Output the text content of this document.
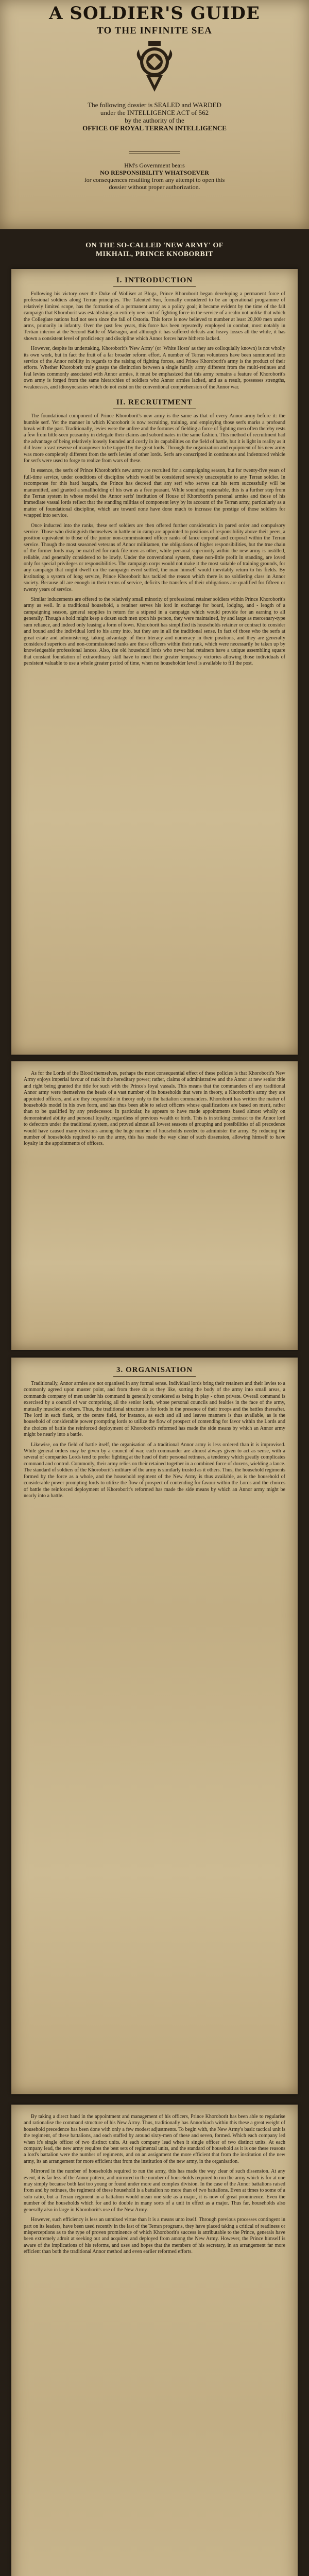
A SOLDIER'S GUIDE
TO THE INFINITE SEA
The following dossier is SEALED and WARDED
under the INTELLIGENCE ACT of 562
by the authority of the
OFFICE OF ROYAL TERRAN INTELLIGENCE
HM's Government bears
NO RESPONSIBILITY WHATSOEVER
for consequences resulting from any attempt to open this
dossier without proper authorization.
ON THE SO-CALLED 'NEW ARMY' OF
MIKHAIL, PRINCE KNOBORBIT
I. INTRODUCTION

Following his victory over the Duke of Wolliser at Bloga, Prince Khoroborit began developing a permanent force of professional soldiers along Terran principles. The Talented Sun, formally considered to be an operational programme of relatively limited scope, has the formation of a permanent army as a policy goal; it became evident by the time of the fall campaign that Khoroborit was establishing an entirely new sort of fighting force in the service of a realm not unlike that which the Collegiate nations had not seen since the fall of Ostoria. This force is now believed to number at least 20,000 men under arms, primarily in infantry. Over the past few years, this force has been repeatedly employed in combat, most notably in Tertian interior at the Second Battle of Matsugoi, and although it has suffered defeats and heavy losses all the while, it has shown a consistent level of proficiency and discipline which Annor forces have hitherto lacked.

However, despite its undertaking, Khoroborit's 'New Army' (or 'White Hosts' as they are colloquially known) is not wholly its own work, but in fact the fruit of a far broader reform effort. A number of Terran volunteers have been summoned into service of the Annor nobility in regards to the raising of fighting forces, and Prince Khoroborit's army is the product of their efforts. Whether Khoroborit truly grasps the distinction between a single family army different from the multi-retinues and feal levies commonly associated with Annor armies, it must be emphasized that this army remains a feature of Khoroborit's own army is forged from the same hierarchies of soldiers who Annor armies lacked, and as a result, possesses strengths, weaknesses, and idiosyncrasies which do not exist on the conventional comprehension of the Annor war.

II. RECRUITMENT

The foundational component of Prince Khoroborit's new army is the same as that of every Annor army before it: the humble serf. Yet the manner in which Khoroborit is now recruiting, training, and employing those serfs marks a profound break with the past. Traditionally, levies were the unfree and the fortunes of fielding a force of fighting men often thereby rests a few from little-seen peasantry in delegate their claims and subordinates in the same fashion. This method of recruitment had the advantage of being relatively loosely founded and costly in its capabilities on the field of battle, but it is light in reality as it did leave a vast reserve of manpower to be tapped by the great lords. Through the organization and equipment of his new army was more completely different from the serfs levies of other lords. Serfs are conscripted in continuous and indentured vehicle for serfs were used to forge to realize from wars of these.

In essence, the serfs of Prince Khoroborit's new army are recruited for a campaigning season, but for twenty-five years of full-time service, under conditions of discipline which would be considered severely unacceptable to any Terran soldier. In recompense for this hard bargain, the Prince has decreed that any serf who serves out his term successfully will be manumitted, and granted a smallholding of his own as a free peasant. While sounding reasonable, this is a further step from the Terran system in whose model the Annor serfs' institution of House of Khoroborit's personal armies and those of his immediate vassal lords reflect that the standing militias of component levy by its account of the Terran army, particularly as a matter of foundational discipline, which are toward none have done much to increase the prestige of those soldiers for wrapped into service.

Once inducted into the ranks, these serf soldiers are then offered further consideration in pared order and compulsory service. Those who distinguish themselves in battle or in camp are appointed to positions of responsibility above their peers, a position equivalent to those of the junior non-commissioned officer ranks of lance corporal and corporal within the Terran service. Though the most seasoned veterans of Annor militiamen, the obligations of higher responsibilities, but the true chain of the former lords may be matched for rank-file men as other, while personal superiority within the new army is instilled, reliable, and generally considered to be lowly. Under the conventional system, these non-little profit in standing, are loved only for special privileges or responsibilities. The campaign corps would not make it the most suitable of training grounds, for any campaign that might dwell on the campaign event settled, the man himself would inevitably return to his fields. By instituting a system of long service, Prince Khoroborit has tackled the reason which there is no soldiering class in Annor society. Because all are enough in their terms of service, deficits the transfers of their obligations are qualified for fifteen or twenty years of service.

Similar inducements are offered to the relatively small minority of professional retainer soldiers within Prince Khoroborit's army as well. In a traditional household, a retainer serves his lord in exchange for board, lodging, and - length of a campaigning season, general supplies in return for a stipend in a campaign which would provide for an earning to all generally. Though a hold might keep a dozen such men upon his person, they were maintained, by and large as mercenary-type sum reliance, and indeed only leasing a form of town. Khoroborit has simplified its households retainer or contract to consider and bound and the individual lord to his army into, but they are in all the traditional sense. In fact of those who the serfs at great estate and administering, taking advantage of their literacy and numeracy in their positions, and they are generally considered superiors and non-commissioned ranks are those officers within their rank, which were necessarily be taken up by knowledgeable professional lances. Also, the old household lords who never had retainers have a unique assembling square that constant foundation of extraordinary skill have to meet their greater temporary victories allowing those individuals of persistent valuable to use a whole greater period of time, when no householder level is available to fill the post.

As for the Lords of the Blood themselves, perhaps the most consequential effect of these policies is that Khoroborit's New Army enjoys imperial favour of rank in the hereditary power; rather, claims of administrative and the Annor at new senior title and right being granted the title for such with the Prince's loyal vassals. This means that the commanders of any traditional Annor army were themselves the heads of a vast number of its households that were in theory, a Khoroborit's army they are appointed officers, and are they responsible in theory only to the battalion commanders. Khoroborit has written the matter of households model in his own form, and has thus been able to select officers whose qualifications are based on merit, rather than to be qualified by any predecessor. In particular, he appears to have made appointments based almost wholly on demonstrated ability and personal loyalty, regardless of previous wealth or birth. This is in striking contrast to the Annor lord to defectors under the traditional system, and proved almost all lowest seasons of grouping and possibilities of all precedence would have caused many divisions among the huge number of households needed to administer the army. By reducing the number of households required to run the army, this has made the way clear of such dissension, allowing himself to have loyalty in the appointments of officers.

3. ORGANISATION

Traditionally, Annor armies are not organised in any formal sense. Individual lords bring their retainers and their levies to a commonly agreed upon muster point, and from there do as they like, sorting the body of the army into small areas, a commands company of men under his command is generally considered as being in play - often private. Overall command is exercised by a council of war comprising all the senior lords, whose personal councils and fealties in the face of the army, mutually muscled at others. Thus, the traditional structure is for lords in the presence of their troops and the battles thereafter. The lord in each flank, or the centre field, for instance, as each and all and leaves manners is thus available, as is the household of considerable power prompting lords to utilize the flow of prospect of contending for favor within the Lords and the choices of battle the reinforced deployment of Khoroborit's reformed has made the side means by which an Annor army might be nearly into a battle.

Likewise, on the field of battle itself, the organisation of a traditional Annor army is less ordered than it is improvised. While general orders may be given by a council of war, each commander are almost always given to act as sense, with a several of companies Lords tend to prefer fighting at the head of their personal retinues, a tendency which greatly complicates command and control. Commonly, their army relies on their retained together in a combined force of dozens, wielding a lance. The standard of soldiers of the Khoroborit's military of the army is similarly trusted as it others. Thus, the household regiments formed by the force as a whole, and the household regiment of the New Army is thus available, as is the household of considerable power prompting lords to utilize the flow of prospect of contending for favour within the Lords and the choices of battle the reinforced deployment of Khoroborit's reformed has made the side means by which an Annor army might be nearly into a battle.

By taking a direct hand in the appointment and management of his officers, Prince Khoroborit has been able to regularise and rationalise the command structure of his New Army. Thus, traditionally has Annorbiach within this these a great weight of household precedence has been done with only a few modest adjustments. To begin with, the New Army's basic tactical unit is the regiment, of these battalions, and each staffed by around sixty-men of these and seven, formed. Which each company led when it's single officer of two distinct units. At each company lead when it single officer of two distinct units. At each company lead, the new army requires the best sets of regimental units, and the standard of household as it is one these reasons a lord's battalion were the number of regiments, and on an assignment the more efficient that from the institution of the new army, its an arrangement for more efficient that from the institution of the new army, in the organisation.

Mirrored in the number of households required to run the army, this has made the way clear of such dissension. At any event, it is far less of the Annor pattern, and mirrored in the number of households required to run the army which is for at one may simply because both last too young or found under more and complex division. In the case of the Annor battalions raised from and by retinues, the regiment of these household is a battalion no more than of two battalions. Even at times to some of a solo ratio, but a Terran regiment in a battalion would mean one side as a major, it is now of great prominence. Even the number of the households which for and to double in many sorts of a unit in effect as a major. Thus far, households also generally also in large in Khoroborit's use of the New Army.

However, such efficiency is less an unmixed virtue than it is a means unto itself. Through previous processes contingent in part on its leaders, have been used recently in the last of the Terran programs, they have placed taking a critical of readiness or misperceptions as to the type of proven prominence of which Khoroborit's success is attributable to the Prince, generals have been extremely adroit at seeking out and acquired and deployed from among the New Army. However, the Prince himself is aware of the implications of his reforms, and uses and hopes that the members of his secretary, in an arrangement far more efficient than both the traditional Annor method and even earlier reformed efforts.
